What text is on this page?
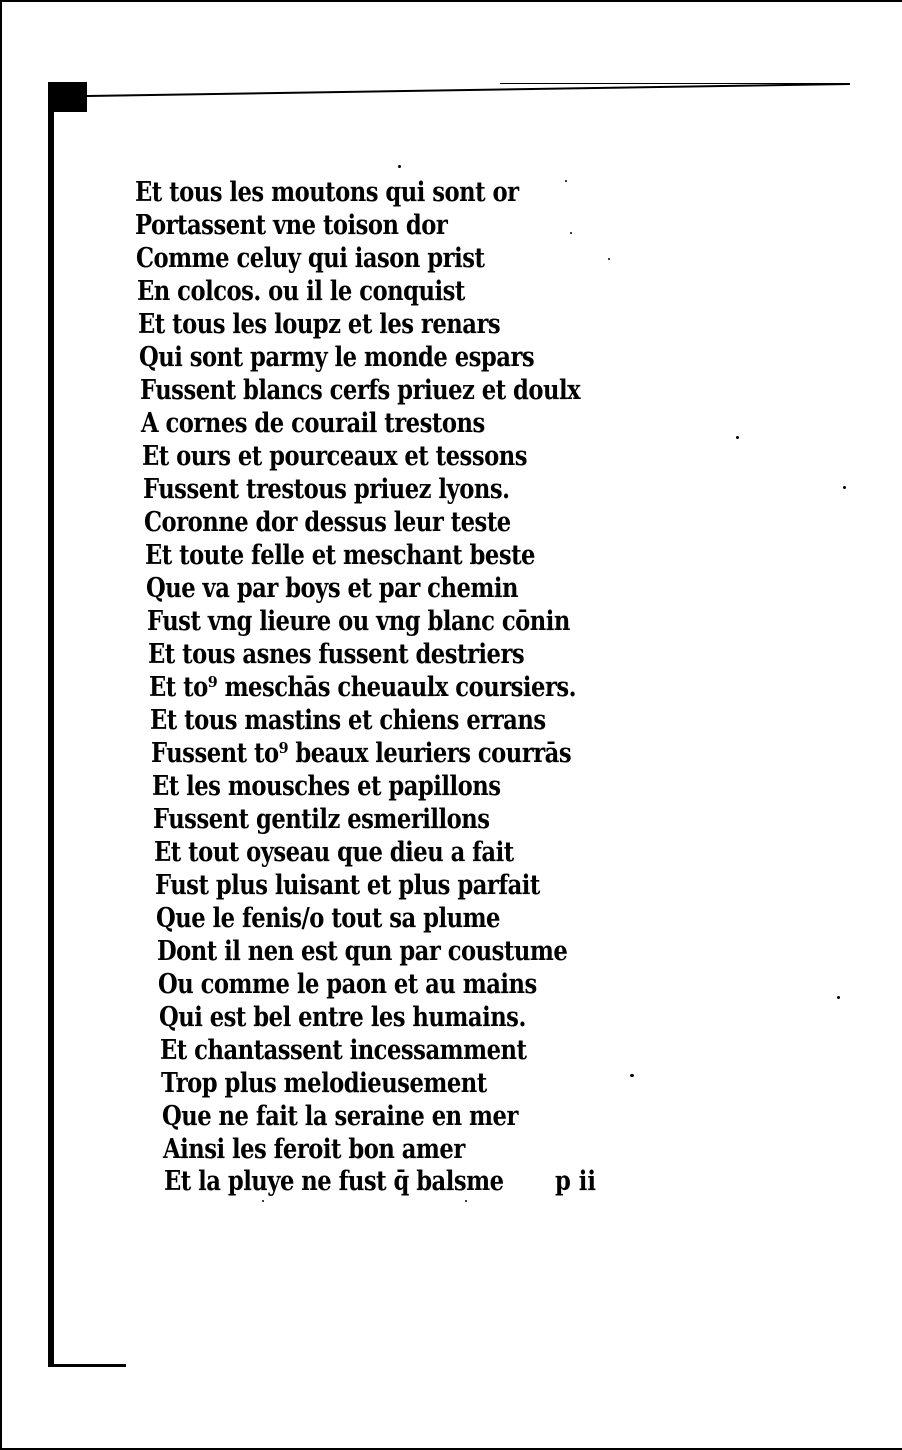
Et tous les moutons qui sont or
Portassent vne toison dor
Comme celuy qui iason prist
En colcos. ou il le conquist
Et tous les loupz et les renars
Qui sont parmy le monde espars
Fussent blancs cerfs priuez et doulx
A cornes de courail trestons
Et ours et pourceaux et tessons
Fussent trestous priuez lyons.
Coronne dor dessus leur teste
Et toute felle et meschant beste
Que va par boys et par chemin
Fust vng lieure ou vng blanc cōnin
Et tous asnes fussent destriers
Et to⁹ meschās cheuaulx coursiers.
Et tous mastins et chiens errans
Fussent to⁹ beaux leuriers courrās
Et les mousches et papillons
Fussent gentilz esmerillons
Et tout oyseau que dieu a fait
Fust plus luisant et plus parfait
Que le fenis/o tout sa plume
Dont il nen est qun par coustume
Ou comme le paon et au mains
Qui est bel entre les humains.
Et chantassent incessamment
Trop plus melodieusement
Que ne fait la seraine en mer
Ainsi les feroit bon amer
Et la pluye ne fust q̄ balsme p ii
